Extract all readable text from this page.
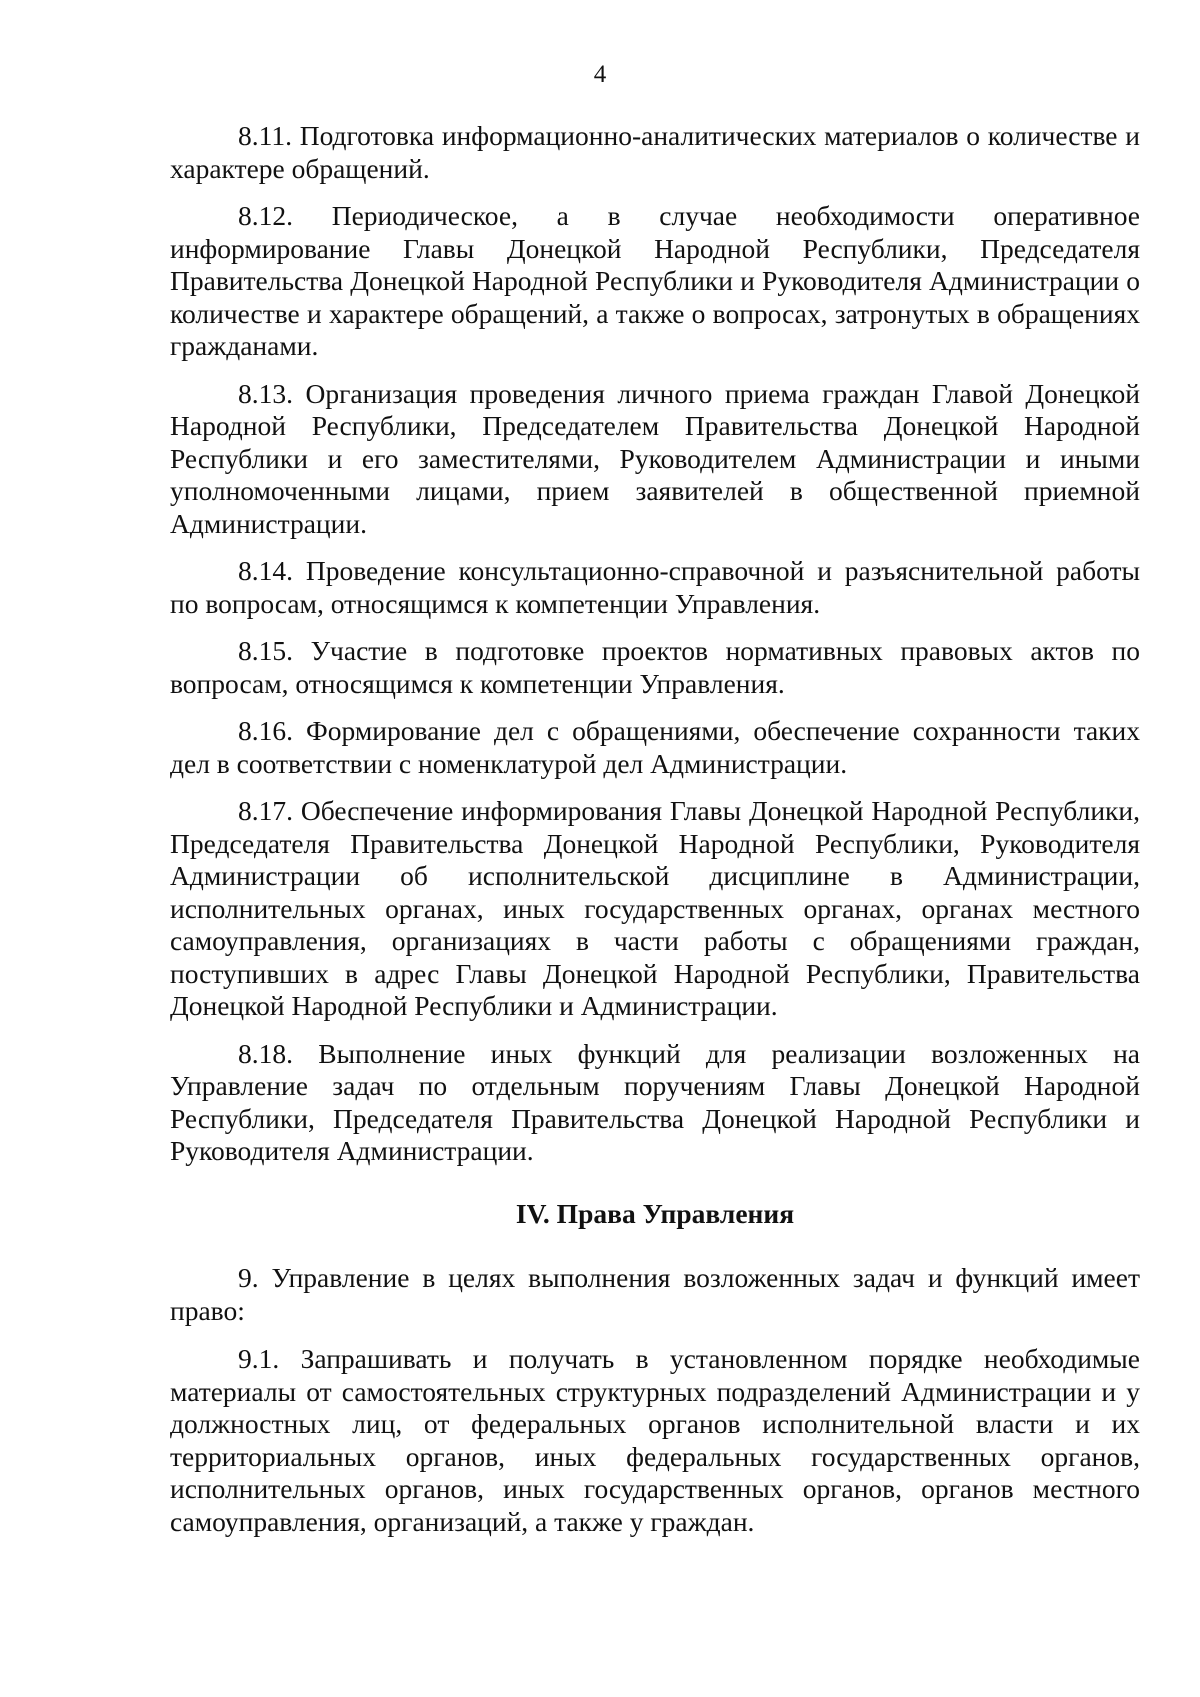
4

8.11. Подготовка информационно-аналитических материалов о количестве и характере обращений.

8.12. Периодическое, а в случае необходимости оперативное информирование Главы Донецкой Народной Республики, Председателя Правительства Донецкой Народной Республики и Руководителя Администрации о количестве и характере обращений, а также о вопросах, затронутых в обращениях гражданами.

8.13. Организация проведения личного приема граждан Главой Донецкой Народной Республики, Председателем Правительства Донецкой Народной Республики и его заместителями, Руководителем Администрации и иными уполномоченными лицами, прием заявителей в общественной приемной Администрации.

8.14. Проведение консультационно-справочной и разъяснительной работы по вопросам, относящимся к компетенции Управления.

8.15. Участие в подготовке проектов нормативных правовых актов по вопросам, относящимся к компетенции Управления.

8.16. Формирование дел с обращениями, обеспечение сохранности таких дел в соответствии с номенклатурой дел Администрации.

8.17. Обеспечение информирования Главы Донецкой Народной Республики, Председателя Правительства Донецкой Народной Республики, Руководителя Администрации об исполнительской дисциплине в Администрации, исполнительных органах, иных государственных органах, органах местного самоуправления, организациях в части работы с обращениями граждан, поступивших в адрес Главы Донецкой Народной Республики, Правительства Донецкой Народной Республики и Администрации.

8.18. Выполнение иных функций для реализации возложенных на Управление задач по отдельным поручениям Главы Донецкой Народной Республики, Председателя Правительства Донецкой Народной Республики и Руководителя Администрации.

IV. Права Управления

9. Управление в целях выполнения возложенных задач и функций имеет право:

9.1. Запрашивать и получать в установленном порядке необходимые материалы от самостоятельных структурных подразделений Администрации и у должностных лиц, от федеральных органов исполнительной власти и их территориальных органов, иных федеральных государственных органов, исполнительных органов, иных государственных органов, органов местного самоуправления, организаций, а также у граждан.
